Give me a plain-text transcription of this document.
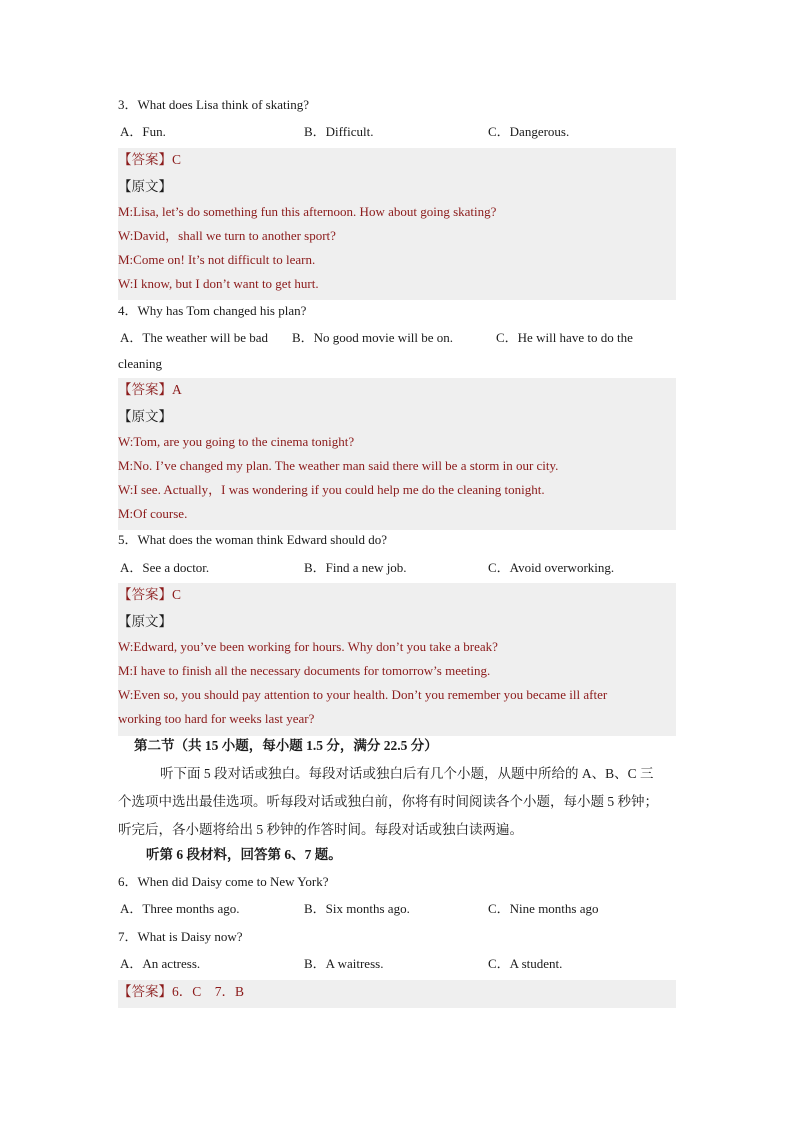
3．What does Lisa think of skating?
A．Fun.	B．Difficult.	C．Dangerous.
【答案】C
【原文】
M:Lisa, let’s do something fun this afternoon. How about going skating?
W:David，shall we turn to another sport?
M:Come on! It’s not difficult to learn.
W:I know, but I don’t want to get hurt.
4．Why has Tom changed his plan?
A．The weather will be bad B．No good movie will be on.	C．He will have to do the
cleaning
【答案】A
【原文】
W:Tom, are you going to the cinema tonight?
M:No. I’ve changed my plan. The weather man said there will be a storm in our city.
W:I see. Actually，I was wondering if you could help me do the cleaning tonight.
M:Of course.
5．What does the woman think Edward should do?
A．See a doctor.	B．Find a new job.	C．Avoid overworking.
【答案】C
【原文】
W:Edward, you’ve been working for hours. Why don’t you take a break?
M:I have to finish all the necessary documents for tomorrow’s meeting.
W:Even so, you should pay attention to your health. Don’t you remember you became ill after
working too hard for weeks last year?
第二节（共 15 小题，每小题 1.5 分，满分 22.5 分）
听下面 5 段对话或独白。每段对话或独白后有几个小题，从题中所给的 A、B、C 三
个选项中选出最佳选项。听每段对话或独白前，你将有时间阅读各个小题，每小题 5 秒钟；
听完后，各小题将给出 5 秒钟的作答时间。每段对话或独白读两遍。
听第 6 段材料，回答第 6、7 题。
6．When did Daisy come to New York?
A．Three months ago.	B．Six months ago.	C．Nine months ago
7．What is Daisy now?
A．An actress.	B．A waitress.	C．A student.
【答案】6．C　7．B
